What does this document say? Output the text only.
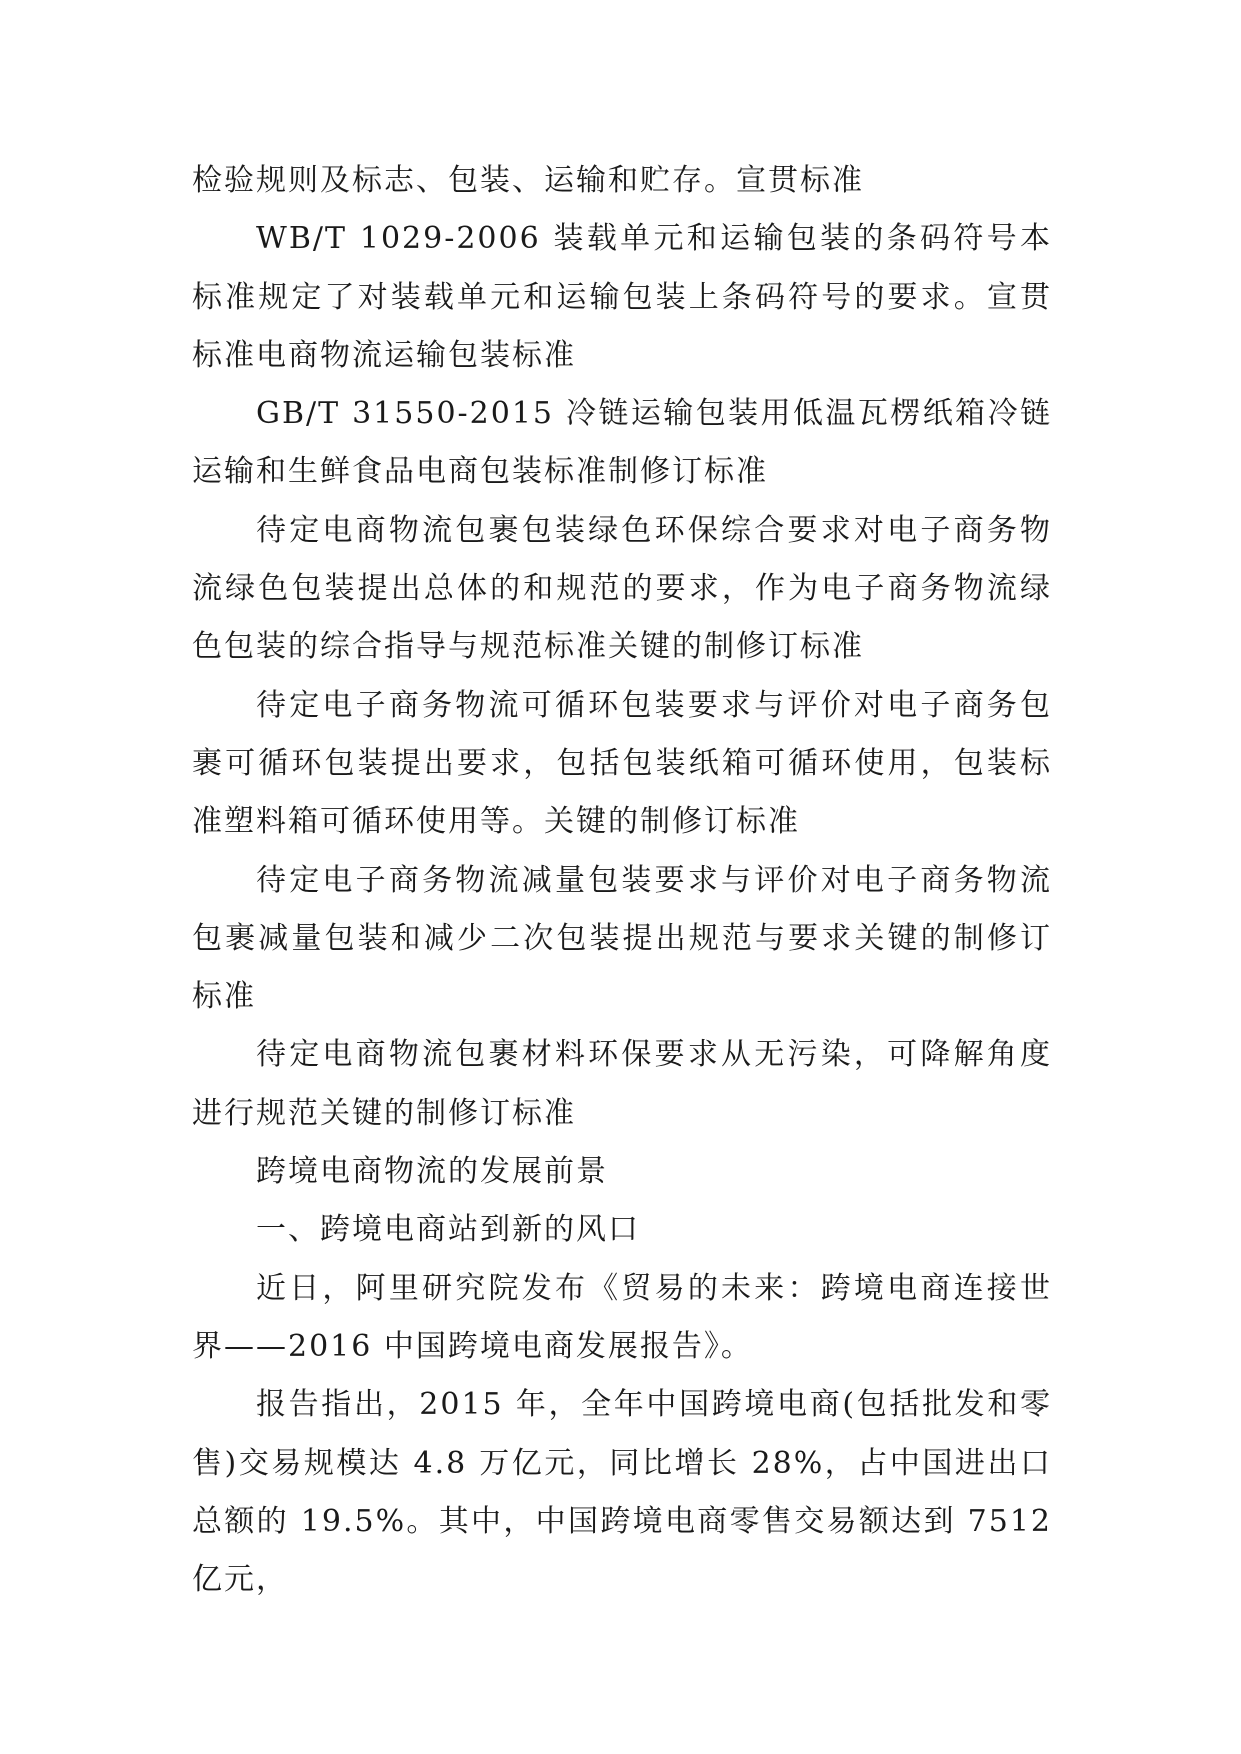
检验规则及标志、包装、运输和贮存。宣贯标准

WB/T 1029-2006 装载单元和运输包装的条码符号本标准规定了对装载单元和运输包装上条码符号的要求。宣贯标准电商物流运输包装标准

GB/T 31550-2015 冷链运输包装用低温瓦楞纸箱冷链运输和生鲜食品电商包装标准制修订标准

待定电商物流包裹包装绿色环保综合要求对电子商务物流绿色包装提出总体的和规范的要求，作为电子商务物流绿色包装的综合指导与规范标准关键的制修订标准

待定电子商务物流可循环包装要求与评价对电子商务包裹可循环包装提出要求，包括包装纸箱可循环使用，包装标准塑料箱可循环使用等。关键的制修订标准

待定电子商务物流减量包装要求与评价对电子商务物流包裹减量包装和减少二次包装提出规范与要求关键的制修订标准

待定电商物流包裹材料环保要求从无污染，可降解角度进行规范关键的制修订标准

跨境电商物流的发展前景

一、跨境电商站到新的风口

近日，阿里研究院发布《贸易的未来：跨境电商连接世界——2016 中国跨境电商发展报告》。

报告指出，2015 年，全年中国跨境电商(包括批发和零售)交易规模达 4.8 万亿元，同比增长 28%，占中国进出口总额的 19.5%。其中，中国跨境电商零售交易额达到 7512 亿元，
